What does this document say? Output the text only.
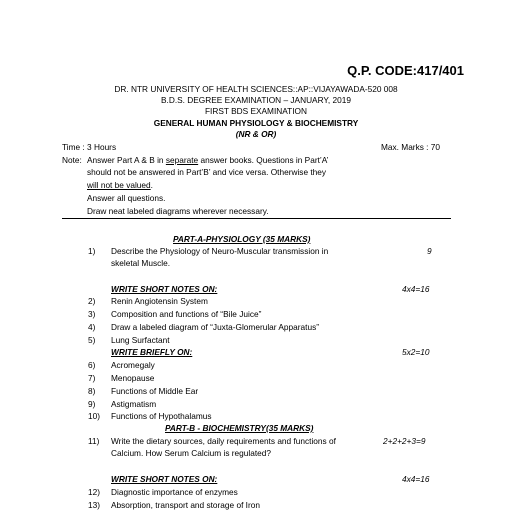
Q.P. CODE:417/401
DR. NTR UNIVERSITY OF HEALTH SCIENCES::AP::VIJAYAWADA-520 008
B.D.S. DEGREE EXAMINATION – JANUARY, 2019
FIRST BDS EXAMINATION
GENERAL HUMAN PHYSIOLOGY & BIOCHEMISTRY
(NR & OR)
Time : 3 Hours	Max. Marks : 70
Note: Answer Part A & B in separate answer books. Questions in Part’A’
should not be answered in Part’B’ and vice versa. Otherwise they
will not be valued.
Answer all questions.
Draw neat labeled diagrams wherever necessary.
PART-A-PHYSIOLOGY (35 MARKS)
1) Describe the Physiology of Neuro-Muscular transmission in
skeletal Muscle.
9
WRITE SHORT NOTES ON:	4x4=16
2) Renin Angiotensin System
3) Composition and functions of “Bile Juice”
4) Draw a labeled diagram of “Juxta-Glomerular Apparatus”
5) Lung Surfactant
WRITE BRIEFLY ON:	5x2=10
6) Acromegaly
7) Menopause
8) Functions of Middle Ear
9) Astigmatism
10) Functions of Hypothalamus
PART-B - BIOCHEMISTRY(35 MARKS)
11) Write the dietary sources, daily requirements and functions of
Calcium. How Serum Calcium is regulated?
2+2+2+3=9
WRITE SHORT NOTES ON:	4x4=16
12) Diagnostic importance of enzymes
13) Absorption, transport and storage of Iron
